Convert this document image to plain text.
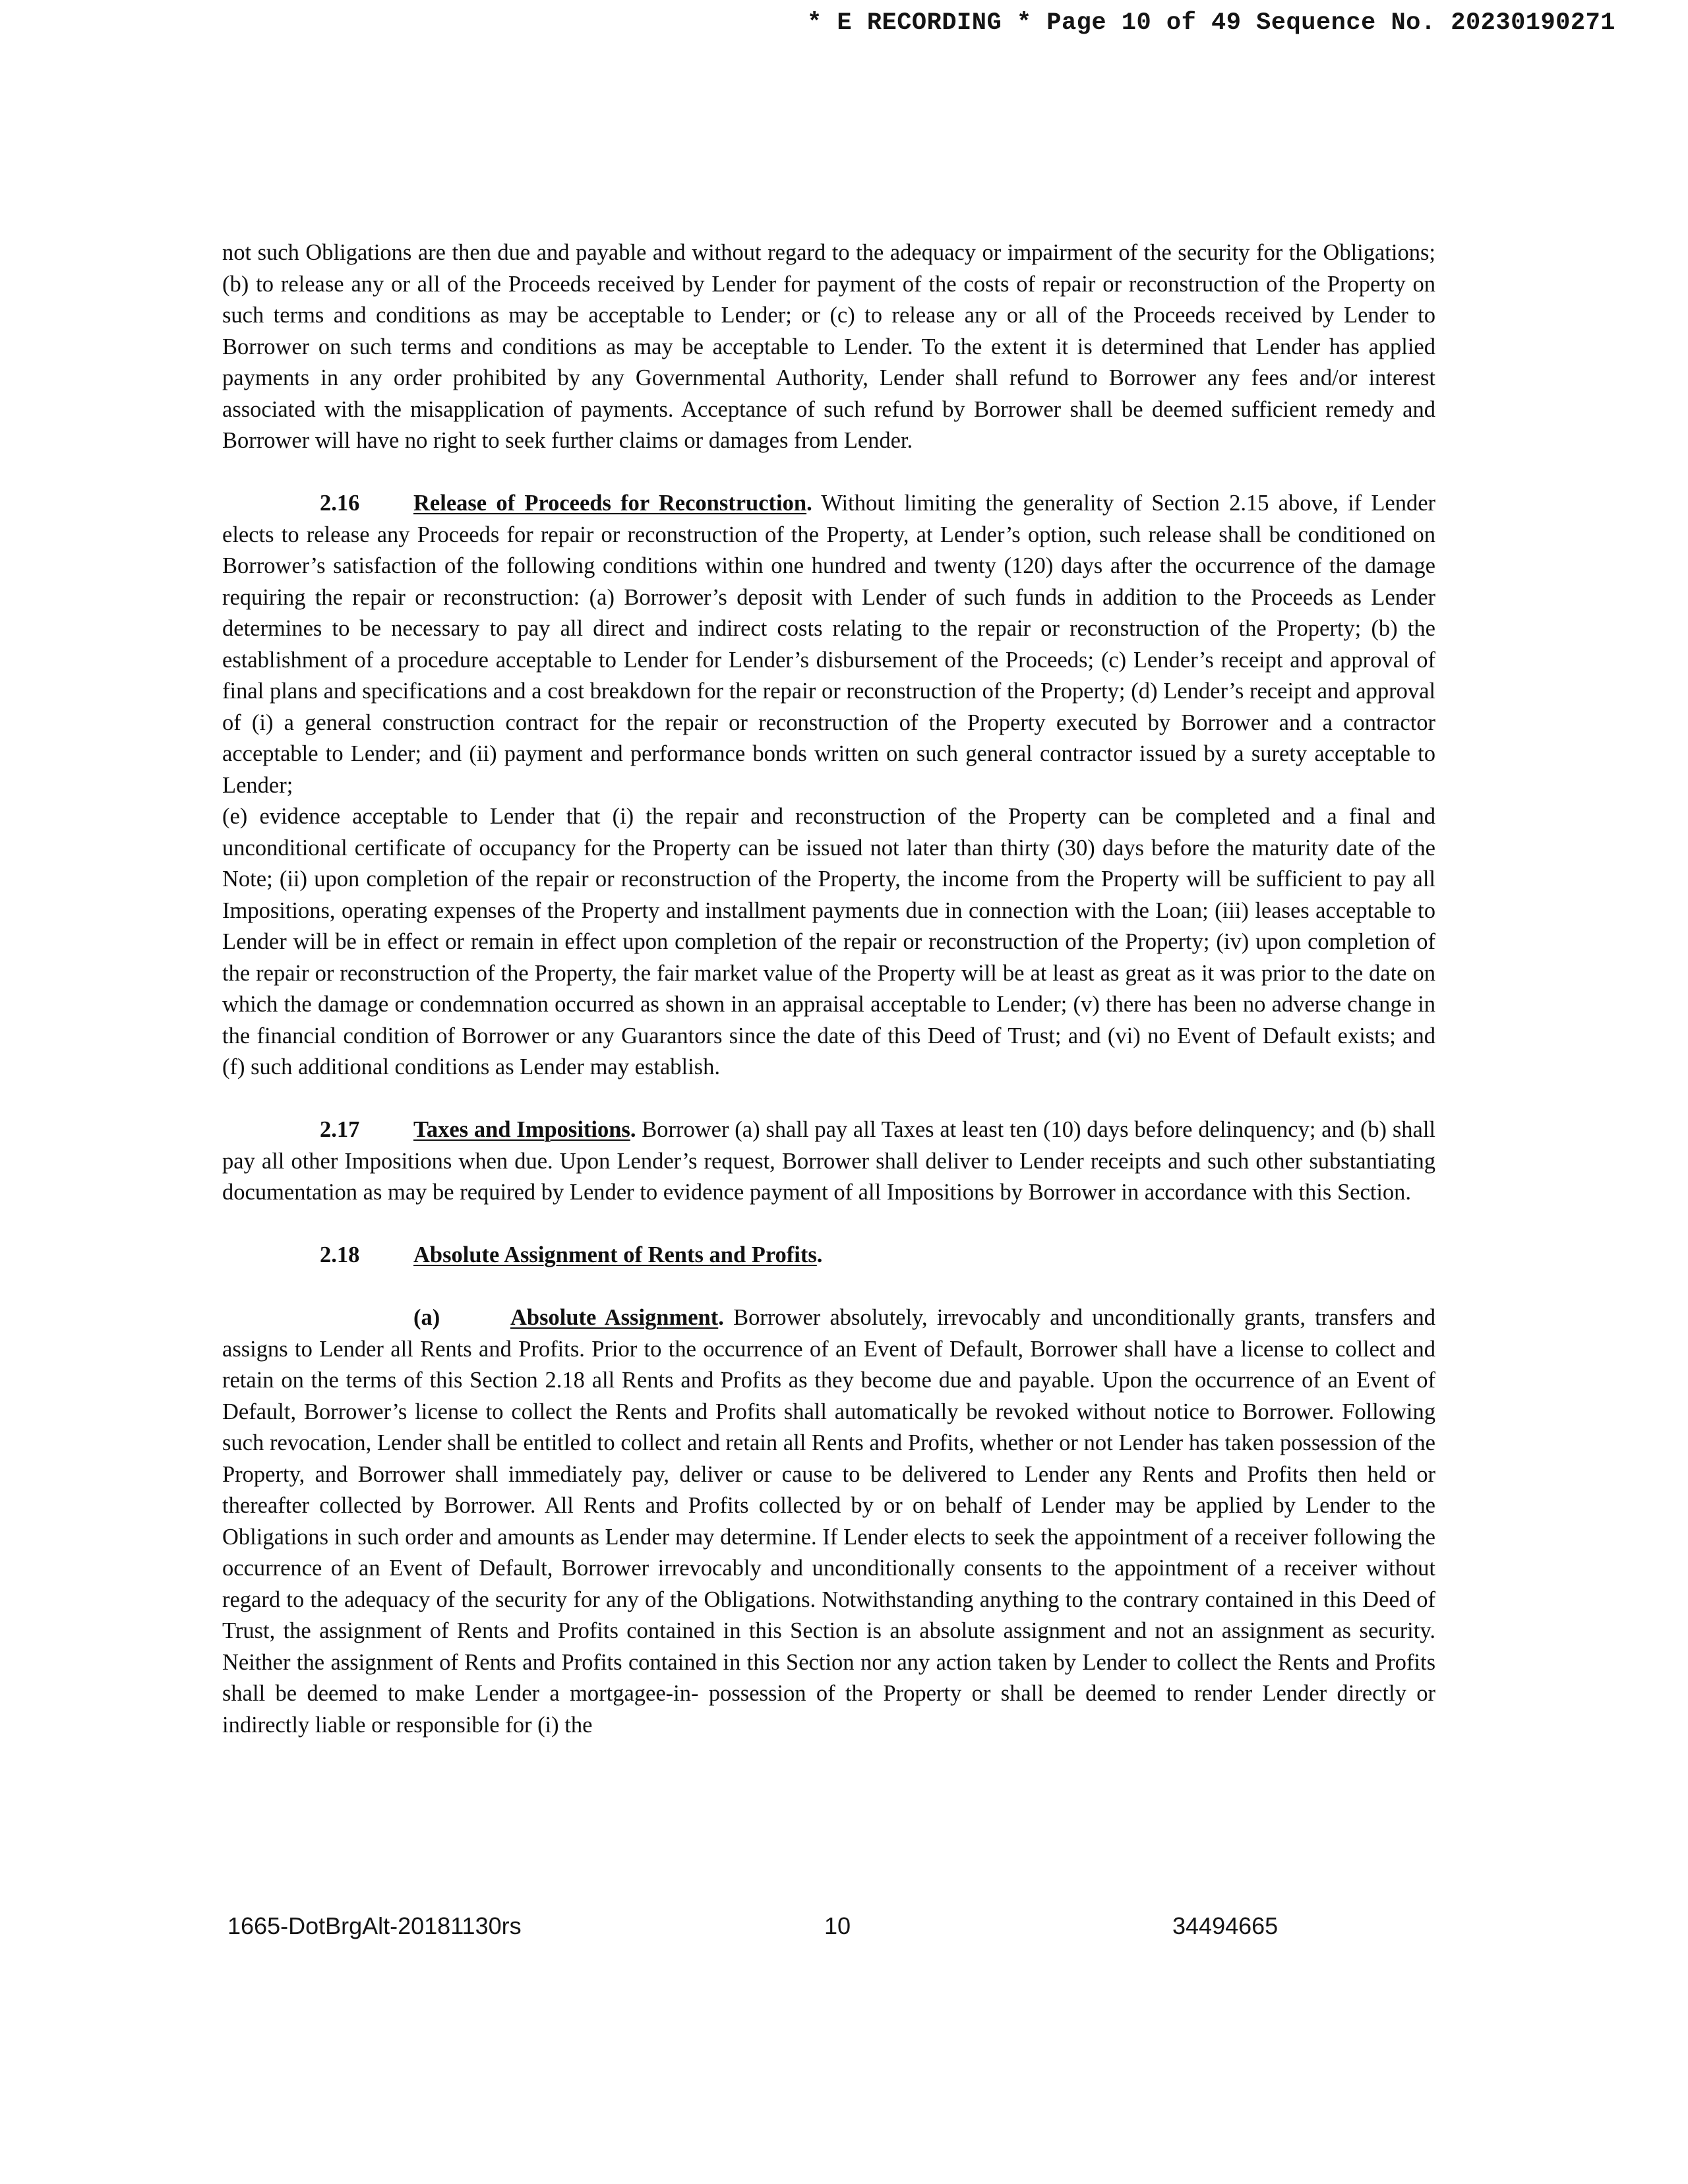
* E RECORDING * Page 10 of 49 Sequence No. 20230190271

not such Obligations are then due and payable and without regard to the adequacy or impairment of the security for the Obligations; (b) to release any or all of the Proceeds received by Lender for payment of the costs of repair or reconstruction of the Property on such terms and conditions as may be acceptable to Lender; or (c) to release any or all of the Proceeds received by Lender to Borrower on such terms and conditions as may be acceptable to Lender. To the extent it is determined that Lender has applied payments in any order prohibited by any Governmental Authority, Lender shall refund to Borrower any fees and/or interest associated with the misapplication of payments. Acceptance of such refund by Borrower shall be deemed sufficient remedy and Borrower will have no right to seek further claims or damages from Lender.

2.16 Release of Proceeds for Reconstruction. Without limiting the generality of Section 2.15 above, if Lender elects to release any Proceeds for repair or reconstruction of the Property, at Lender’s option, such release shall be conditioned on Borrower’s satisfaction of the following conditions within one hundred and twenty (120) days after the occurrence of the damage requiring the repair or reconstruction: (a) Borrower’s deposit with Lender of such funds in addition to the Proceeds as Lender determines to be necessary to pay all direct and indirect costs relating to the repair or reconstruction of the Property; (b) the establishment of a procedure acceptable to Lender for Lender’s disbursement of the Proceeds; (c) Lender’s receipt and approval of final plans and specifications and a cost breakdown for the repair or reconstruction of the Property; (d) Lender’s receipt and approval of (i) a general construction contract for the repair or reconstruction of the Property executed by Borrower and a contractor acceptable to Lender; and (ii) payment and performance bonds written on such general contractor issued by a surety acceptable to Lender;

(e) evidence acceptable to Lender that (i) the repair and reconstruction of the Property can be completed and a final and unconditional certificate of occupancy for the Property can be issued not later than thirty (30) days before the maturity date of the Note; (ii) upon completion of the repair or reconstruction of the Property, the income from the Property will be sufficient to pay all Impositions, operating expenses of the Property and installment payments due in connection with the Loan; (iii) leases acceptable to Lender will be in effect or remain in effect upon completion of the repair or reconstruction of the Property; (iv) upon completion of the repair or reconstruction of the Property, the fair market value of the Property will be at least as great as it was prior to the date on which the damage or condemnation occurred as shown in an appraisal acceptable to Lender; (v) there has been no adverse change in the financial condition of Borrower or any Guarantors since the date of this Deed of Trust; and (vi) no Event of Default exists; and (f) such additional conditions as Lender may establish.

2.17 Taxes and Impositions. Borrower (a) shall pay all Taxes at least ten (10) days before delinquency; and (b) shall pay all other Impositions when due. Upon Lender’s request, Borrower shall deliver to Lender receipts and such other substantiating documentation as may be required by Lender to evidence payment of all Impositions by Borrower in accordance with this Section.

2.18 Absolute Assignment of Rents and Profits.

(a)	Absolute Assignment. Borrower absolutely, irrevocably and unconditionally grants, transfers and assigns to Lender all Rents and Profits. Prior to the occurrence of an Event of Default, Borrower shall have a license to collect and retain on the terms of this Section 2.18 all Rents and Profits as they become due and payable. Upon the occurrence of an Event of Default, Borrower’s license to collect the Rents and Profits shall automatically be revoked without notice to Borrower. Following such revocation, Lender shall be entitled to collect and retain all Rents and Profits, whether or not Lender has taken possession of the Property, and Borrower shall immediately pay, deliver or cause to be delivered to Lender any Rents and Profits then held or thereafter collected by Borrower. All Rents and Profits collected by or on behalf of Lender may be applied by Lender to the Obligations in such order and amounts as Lender may determine. If Lender elects to seek the appointment of a receiver following the occurrence of an Event of Default, Borrower irrevocably and unconditionally consents to the appointment of a receiver without regard to the adequacy of the security for any of the Obligations. Notwithstanding anything to the contrary contained in this Deed of Trust, the assignment of Rents and Profits contained in this Section is an absolute assignment and not an assignment as security. Neither the assignment of Rents and Profits contained in this Section nor any action taken by Lender to collect the Rents and Profits shall be deemed to make Lender a mortgagee-in- possession of the Property or shall be deemed to render Lender directly or indirectly liable or responsible for (i) the

1665-DotBrgAlt-20181130rs	10	34494665
